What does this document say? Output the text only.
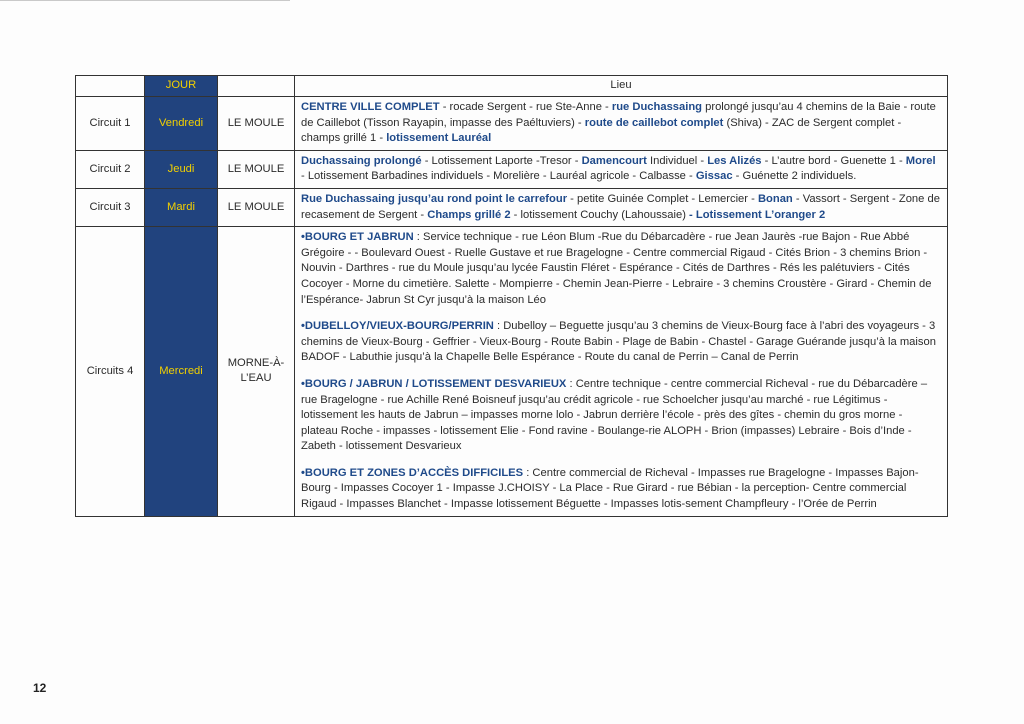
	JOUR		Lieu
Circuit 1	Vendredi	LE MOULE	CENTRE VILLE COMPLET - rocade Sergent - rue Ste-Anne - rue Duchassaing prolongé jusqu’au 4 chemins de la Baie - route de Caillebot (Tisson Rayapin, impasse des Paéltuviers) - route de caillebot complet (Shiva) - ZAC de Sergent complet - champs grillé 1 - lotissement Lauréal

Circuit 2	Jeudi	LE MOULE	Duchassaing prolongé - Lotissement Laporte -Tresor - Damencourt Individuel - Les Alizés - L’autre bord - Guenette 1 - Morel - Lotissement Barbadines individuels - Morelière - Lauréal agricole - Calbasse - Gissac - Guénette 2 individuels.

Circuit 3	Mardi	LE MOULE	Rue Duchassaing jusqu’au rond point le carrefour - petite Guinée Complet - Lemercier - Bonan - Vassort - Sergent - Zone de recasement de Sergent - Champs grillé 2 - lotissement Couchy (Lahoussaie) - Lotissement L’oranger 2

Circuits 4	Mercredi	MORNE-À-L’EAU	•BOURG ET JABRUN : Service technique - rue Léon Blum -Rue du Débarcadère - rue Jean Jaurès -rue Bajon - Rue Abbé Grégoire - - Boulevard Ouest - Ruelle Gustave et rue Bragelogne - Centre commercial Rigaud - Cités Brion - 3 chemins Brion - Nouvin - Darthres - rue du Moule jusqu’au lycée Faustin Fléret - Espérance - Cités de Darthres - Rés les palétuviers - Cités Cocoyer - Morne du cimetière. Salette - Mompierre - Chemin Jean-Pierre - Lebraire - 3 chemins Croustère - Girard - Chemin de l’Espérance- Jabrun St Cyr jusqu’à la maison Léo

•DUBELLOY/VIEUX-BOURG/PERRIN : Dubelloy – Beguette jusqu’au 3 chemins de Vieux-Bourg face à l’abri des voyageurs - 3 chemins de Vieux-Bourg - Geffrier - Vieux-Bourg - Route Babin - Plage de Babin - Chastel - Garage Guérande jusqu’à la maison BADOF - Labuthie jusqu’à la Chapelle Belle Espérance - Route du canal de Perrin – Canal de Perrin

•BOURG / JABRUN / LOTISSEMENT DESVARIEUX : Centre technique - centre commercial Richeval - rue du Débarcadère – rue Bragelogne - rue Achille René Boisneuf jusqu’au crédit agricole - rue Schoelcher jusqu’au marché - rue Légitimus - lotissement les hauts de Jabrun – impasses morne lolo - Jabrun derrière l’école - près des gîtes - chemin du gros morne - plateau Roche - impasses - lotissement Elie - Fond ravine - Boulange-rie ALOPH - Brion (impasses) Lebraire - Bois d’Inde - Zabeth - lotissement Desvarieux

•BOURG ET ZONES D’ACCÈS DIFFICILES : Centre commercial de Richeval - Impasses rue Bragelogne - Impasses Bajon- Bourg - Impasses Cocoyer 1 - Impasse J.CHOISY - La Place - Rue Girard - rue Bébian - la perception- Centre commercial Rigaud - Impasses Blanchet - Impasse lotissement Béguette - Impasses lotis-sement Champfleury - l’Orée de Perrin

12
